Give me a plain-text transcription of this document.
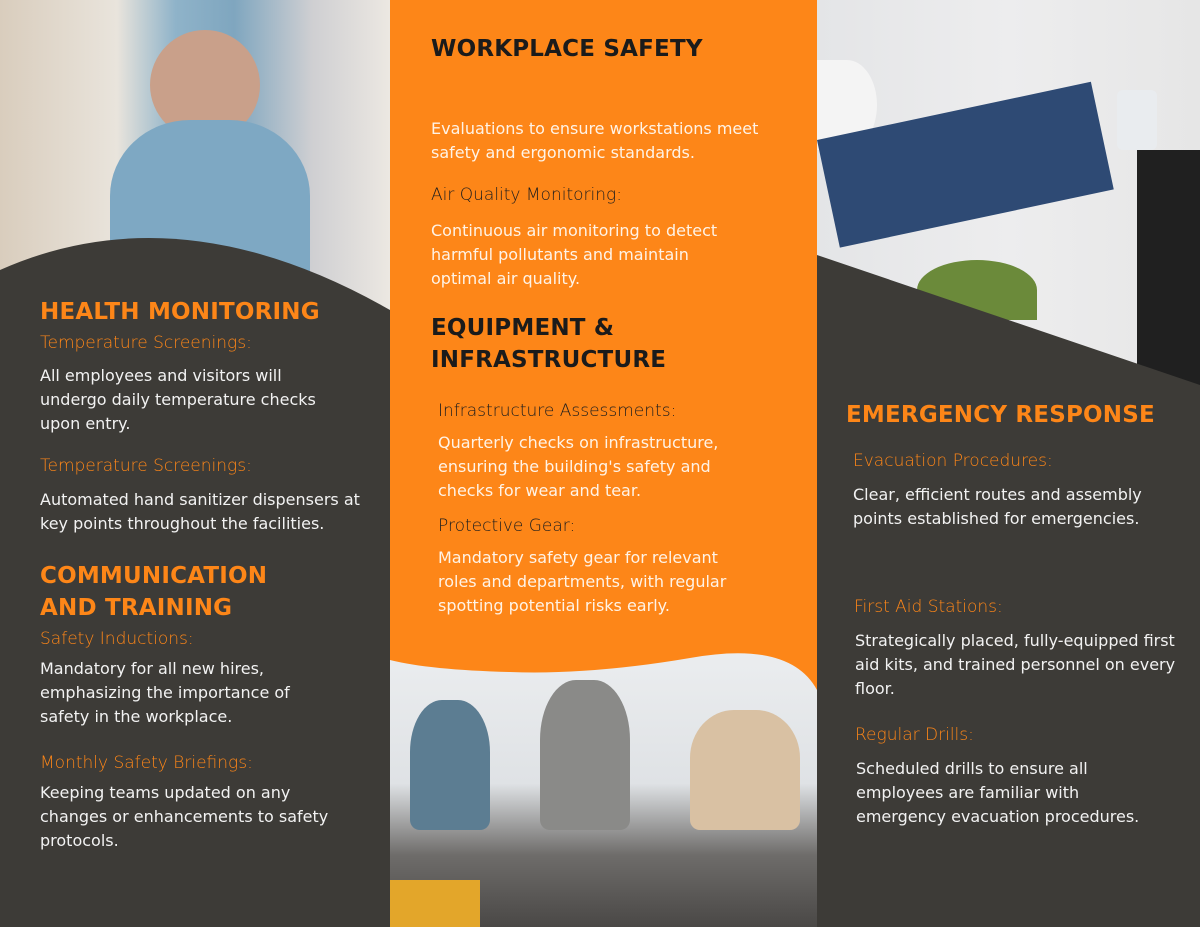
WORKPLACE SAFETY
Evaluations to ensure workstations meet safety and ergonomic standards.
Air Quality Monitoring:
Continuous air monitoring to detect harmful pollutants and maintain optimal air quality.
EQUIPMENT &
INFRASTRUCTURE
Infrastructure Assessments:
Quarterly checks on infrastructure, ensuring the building's safety and checks for wear and tear.
Protective Gear:
Mandatory safety gear for relevant roles and departments, with regular spotting potential risks early.
HEALTH MONITORING
Temperature Screenings:
All employees and visitors will undergo daily temperature checks upon entry.
Temperature Screenings:
Automated hand sanitizer dispensers at key points throughout the facilities.
COMMUNICATION
AND TRAINING
Safety Inductions:
Mandatory for all new hires, emphasizing the importance of safety in the workplace.
Monthly Safety Briefings:
Keeping teams updated on any changes or enhancements to safety protocols.
EMERGENCY RESPONSE
Evacuation Procedures:
Clear, efficient routes and assembly points established for emergencies.
First Aid Stations:
Strategically placed, fully-equipped first aid kits, and trained personnel on every floor.
Regular Drills:
Scheduled drills to ensure all employees are familiar with emergency evacuation procedures.
